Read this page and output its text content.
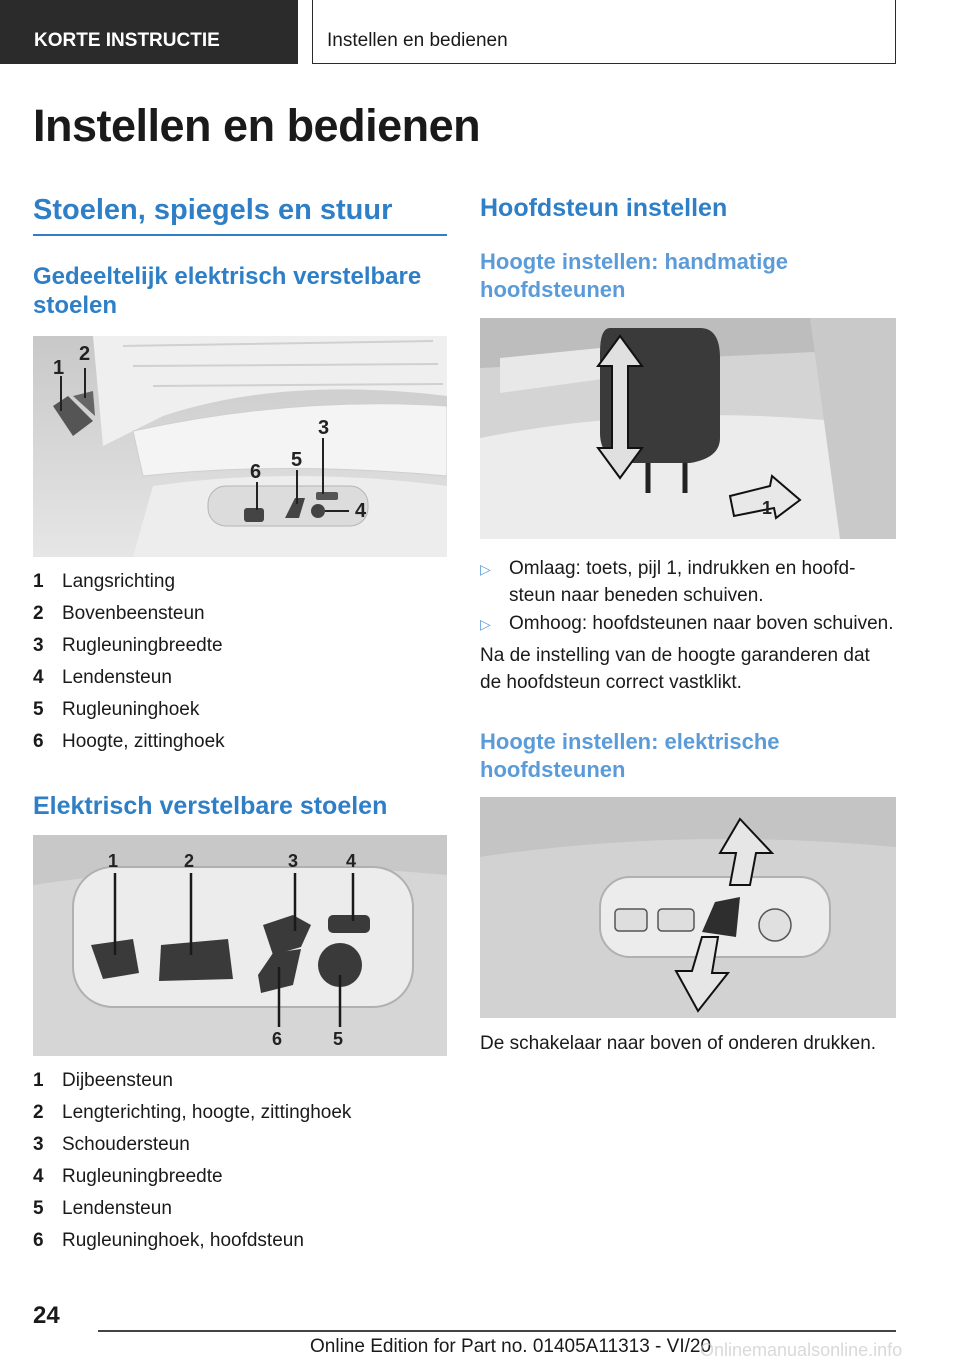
KORTE INSTRUCTIE	Instellen en bedienen
Instellen en bedienen
Stoelen, spiegels en stuur
Gedeeltelijk elektrisch verstelbare stoelen
1
2
3
4
5
6
1 Langsrichting
2 Bovenbeensteun
3 Rugleuningbreedte
4 Lendensteun
5 Rugleuninghoek
6 Hoogte, zittinghoek
Elektrisch verstelbare stoelen
1	2	3	4
6	5
1 Dijbeensteun
2 Lengterichting, hoogte, zittinghoek
3 Schoudersteun
4 Rugleuningbreedte
5 Lendensteun
6 Rugleuninghoek, hoofdsteun
Hoofdsteun instellen
Hoogte instellen: handmatige hoofdsteunen
1
▷ Omlaag: toets, pijl 1, indrukken en hoofd-steun naar beneden schuiven.
▷ Omhoog: hoofdsteunen naar boven schuiven.
Na de instelling van de hoogte garanderen dat de hoofdsteun correct vastklikt.
Hoogte instellen: elektrische hoofdsteunen
De schakelaar naar boven of onderen drukken.
24
Online Edition for Part no. 01405A11313 - VI/20
Onlinemanualsonline.info
